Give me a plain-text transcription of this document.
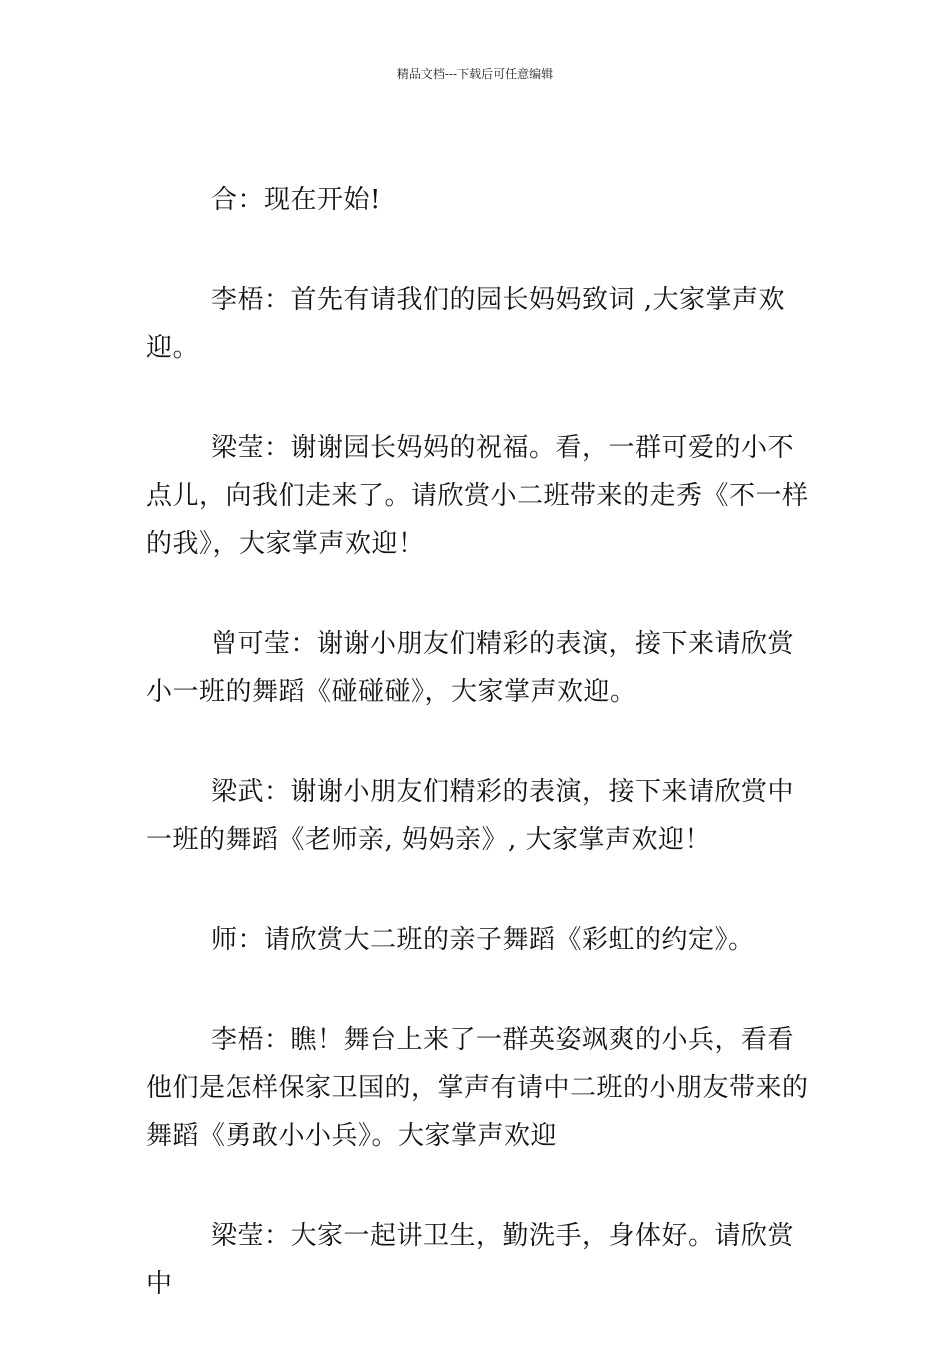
精品文档---下载后可任意编辑

合：现在开始!

李梧：首先有请我们的园长妈妈致词 ,大家掌声欢迎。

梁莹：谢谢园长妈妈的祝福。看，一群可爱的小不点儿，向我们走来了。请欣赏小二班带来的走秀《不一样的我》，大家掌声欢迎！

曾可莹：谢谢小朋友们精彩的表演，接下来请欣赏小一班的舞蹈《碰碰碰》，大家掌声欢迎。

梁武：谢谢小朋友们精彩的表演，接下来请欣赏中一班的舞蹈《老师亲, 妈妈亲》, 大家掌声欢迎！

师：请欣赏大二班的亲子舞蹈《彩虹的约定》。

李梧：瞧！舞台上来了一群英姿飒爽的小兵，看看他们是怎样保家卫国的，掌声有请中二班的小朋友带来的舞蹈《勇敢小小兵》。大家掌声欢迎

梁莹：大家一起讲卫生，勤洗手，身体好。请欣赏中
